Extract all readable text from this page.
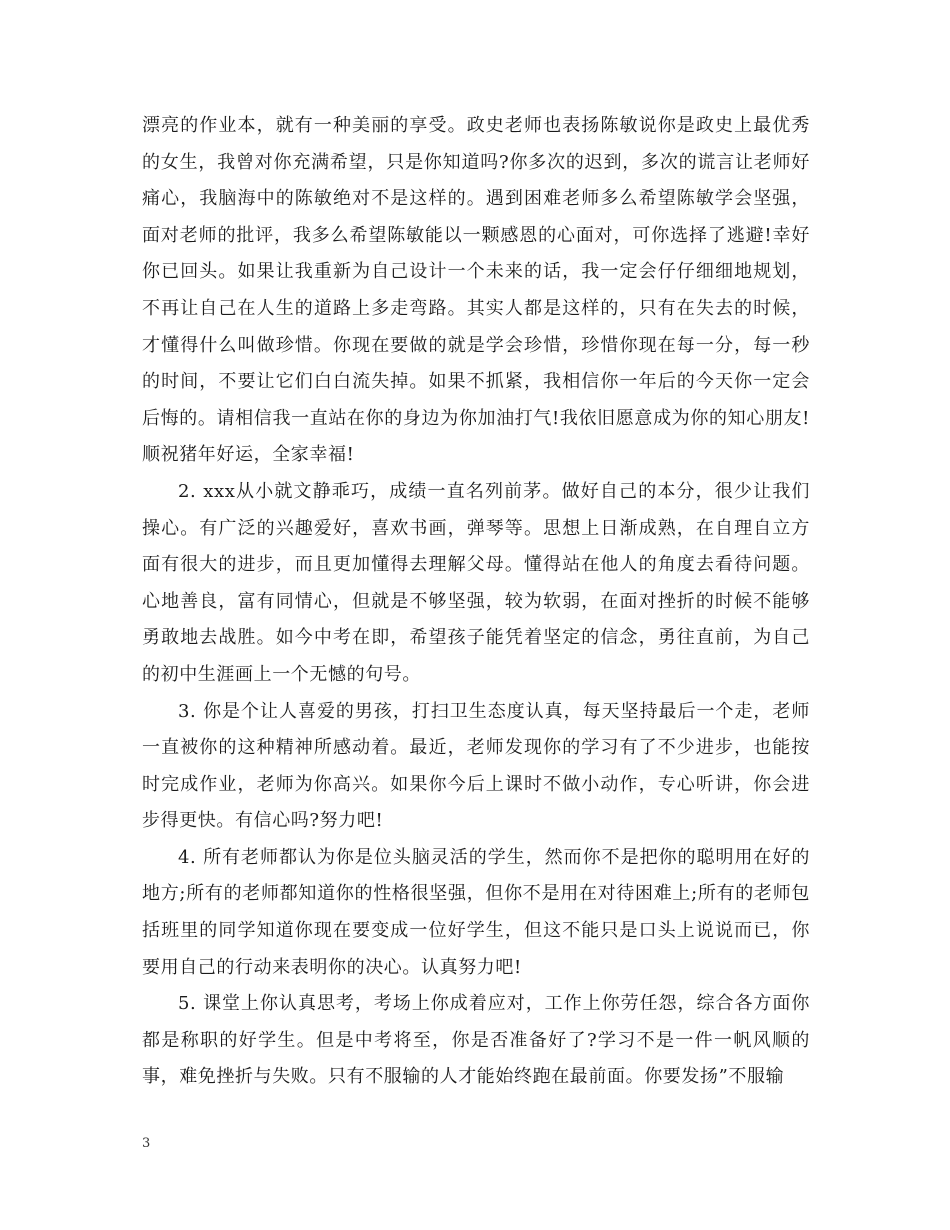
漂亮的作业本，就有一种美丽的享受。政史老师也表扬陈敏说你是政史上最优秀的女生，我曾对你充满希望，只是你知道吗?你多次的迟到，多次的谎言让老师好痛心，我脑海中的陈敏绝对不是这样的。遇到困难老师多么希望陈敏学会坚强，面对老师的批评，我多么希望陈敏能以一颗感恩的心面对，可你选择了逃避!幸好你已回头。如果让我重新为自己设计一个未来的话，我一定会仔仔细细地规划，不再让自己在人生的道路上多走弯路。其实人都是这样的，只有在失去的时候，才懂得什么叫做珍惜。你现在要做的就是学会珍惜，珍惜你现在每一分，每一秒的时间，不要让它们白白流失掉。如果不抓紧，我相信你一年后的今天你一定会后悔的。请相信我一直站在你的身边为你加油打气!我依旧愿意成为你的知心朋友!顺祝猪年好运，全家幸福!

2. xxx从小就文静乖巧，成绩一直名列前茅。做好自己的本分，很少让我们操心。有广泛的兴趣爱好，喜欢书画，弹琴等。思想上日渐成熟，在自理自立方面有很大的进步，而且更加懂得去理解父母。懂得站在他人的角度去看待问题。心地善良，富有同情心，但就是不够坚强，较为软弱，在面对挫折的时候不能够勇敢地去战胜。如今中考在即，希望孩子能凭着坚定的信念，勇往直前，为自己的初中生涯画上一个无憾的句号。

3. 你是个让人喜爱的男孩，打扫卫生态度认真，每天坚持最后一个走，老师一直被你的这种精神所感动着。最近，老师发现你的学习有了不少进步，也能按时完成作业，老师为你高兴。如果你今后上课时不做小动作，专心听讲，你会进步得更快。有信心吗?努力吧!

4. 所有老师都认为你是位头脑灵活的学生，然而你不是把你的聪明用在好的地方;所有的老师都知道你的性格很坚强，但你不是用在对待困难上;所有的老师包括班里的同学知道你现在要变成一位好学生，但这不能只是口头上说说而已，你要用自己的行动来表明你的决心。认真努力吧!

5. 课堂上你认真思考，考场上你成着应对，工作上你劳任怨，综合各方面你都是称职的好学生。但是中考将至，你是否准备好了?学习不是一件一帆风顺的事，难免挫折与失败。只有不服输的人才能始终跑在最前面。你要发扬”不服输

3
